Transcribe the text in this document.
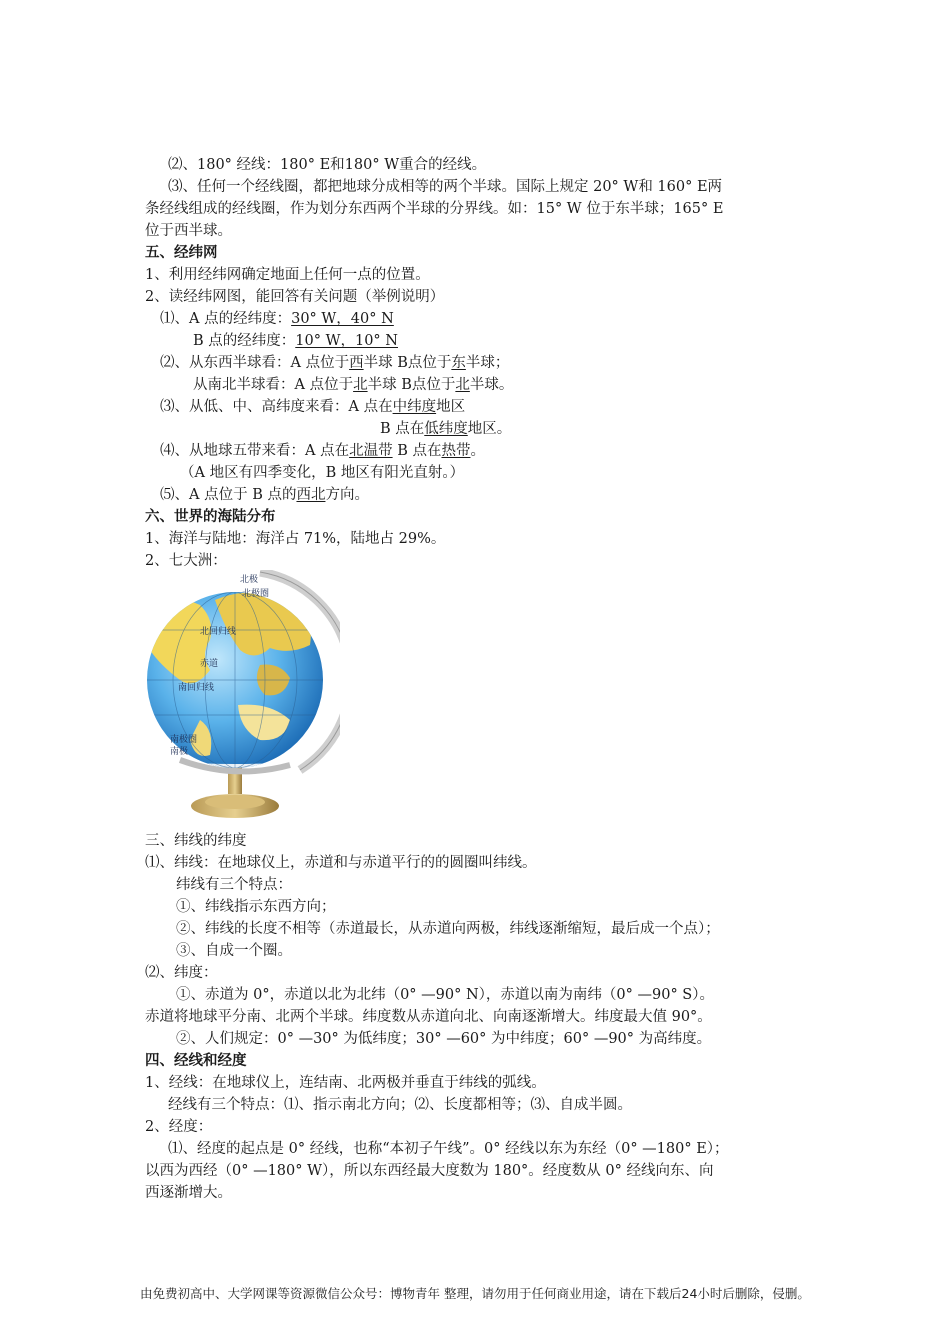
⑵、180° 经线：180° E和180° W重合的经线。
⑶、任何一个经线圈，都把地球分成相等的两个半球。国际上规定 20° W和 160° E两
条经线组成的经线圈，作为划分东西两个半球的分界线。如：15° W 位于东半球；165° E
位于西半球。
五、经纬网
1、利用经纬网确定地面上任何一点的位置。
2、读经纬网图，能回答有关问题（举例说明）
⑴、A 点的经纬度：30° W，40° N
B 点的经纬度：10° W，10° N
⑵、从东西半球看：A 点位于西半球 B点位于东半球；
从南北半球看：A 点位于北半球 B点位于北半球。
⑶、从低、中、高纬度来看：A 点在中纬度地区
B 点在低纬度地区。
⑷、从地球五带来看：A 点在北温带 B 点在热带。
（A 地区有四季变化，B 地区有阳光直射。）
⑸、A 点位于 B 点的西北方向。
六、世界的海陆分布
1、海洋与陆地：海洋占 71%，陆地占 29%。
2、七大洲：
北极
北极圈
北回归线
赤道
南回归线
南极圈
南极
三、纬线的纬度
⑴、纬线：在地球仪上，赤道和与赤道平行的的圆圈叫纬线。
纬线有三个特点：
①、纬线指示东西方向；
②、纬线的长度不相等（赤道最长，从赤道向两极，纬线逐渐缩短，最后成一个点）；
③、自成一个圈。
⑵、纬度：
①、赤道为 0°，赤道以北为北纬（0° —90° N），赤道以南为南纬（0° —90° S）。
赤道将地球平分南、北两个半球。纬度数从赤道向北、向南逐渐增大。纬度最大值 90°。
②、人们规定：0° —30° 为低纬度；30° —60° 为中纬度；60° —90° 为高纬度。
四、经线和经度
1、经线：在地球仪上，连结南、北两极并垂直于纬线的弧线。
经线有三个特点：⑴、指示南北方向；⑵、长度都相等；⑶、自成半圆。
2、经度：
⑴、经度的起点是 0° 经线，也称“本初子午线”。0° 经线以东为东经（0° —180° E）；
以西为西经（0° —180° W），所以东西经最大度数为 180°。经度数从 0° 经线向东、向
西逐渐增大。
由免费初高中、大学网课等资源微信公众号：博物青年 整理，请勿用于任何商业用途，请在下载后24小时后删除，侵删。
